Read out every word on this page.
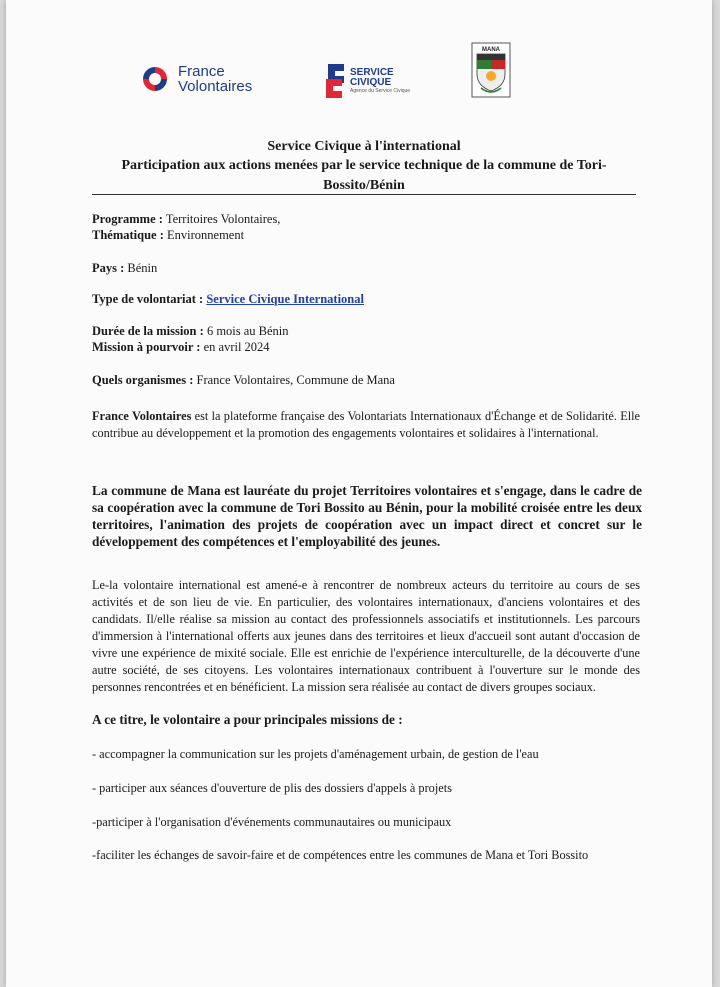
France
Volontaires
SERVICE
CIVIQUE
Agence du Service Civique
MANA
Service Civique à l'international
Participation aux actions menées par le service technique de la commune de Tori-Bossito/Bénin
Programme : Territoires Volontaires,
Thématique : Environnement
Pays : Bénin
Type de volontariat : Service Civique International
Durée de la mission : 6 mois au Bénin
Mission à pourvoir : en avril 2024
Quels organismes : France Volontaires, Commune de Mana
France Volontaires est la plateforme française des Volontariats Internationaux d'Échange et de Solidarité. Elle contribue au développement et la promotion des engagements volontaires et solidaires à l'international.
La commune de Mana est lauréate du projet Territoires volontaires et s'engage, dans le cadre de sa coopération avec la commune de Tori Bossito au Bénin, pour la mobilité croisée entre les deux territoires, l'animation des projets de coopération avec un impact direct et concret sur le développement des compétences et l'employabilité des jeunes.
Le-la volontaire international est amené-e à rencontrer de nombreux acteurs du territoire au cours de ses activités et de son lieu de vie. En particulier, des volontaires internationaux, d'anciens volontaires et des candidats. Il/elle réalise sa mission au contact des professionnels associatifs et institutionnels. Les parcours d'immersion à l'international offerts aux jeunes dans des territoires et lieux d'accueil sont autant d'occasion de vivre une expérience de mixité sociale. Elle est enrichie de l'expérience interculturelle, de la découverte d'une autre société, de ses citoyens. Les volontaires internationaux contribuent à l'ouverture sur le monde des personnes rencontrées et en bénéficient. La mission sera réalisée au contact de divers groupes sociaux.
A ce titre, le volontaire a pour principales missions de :
- accompagner la communication sur les projets d'aménagement urbain, de gestion de l'eau
- participer aux séances d'ouverture de plis des dossiers d'appels à projets
-participer à l'organisation d'événements communautaires ou municipaux
-faciliter les échanges de savoir-faire et de compétences entre les communes de Mana et Tori Bossito
